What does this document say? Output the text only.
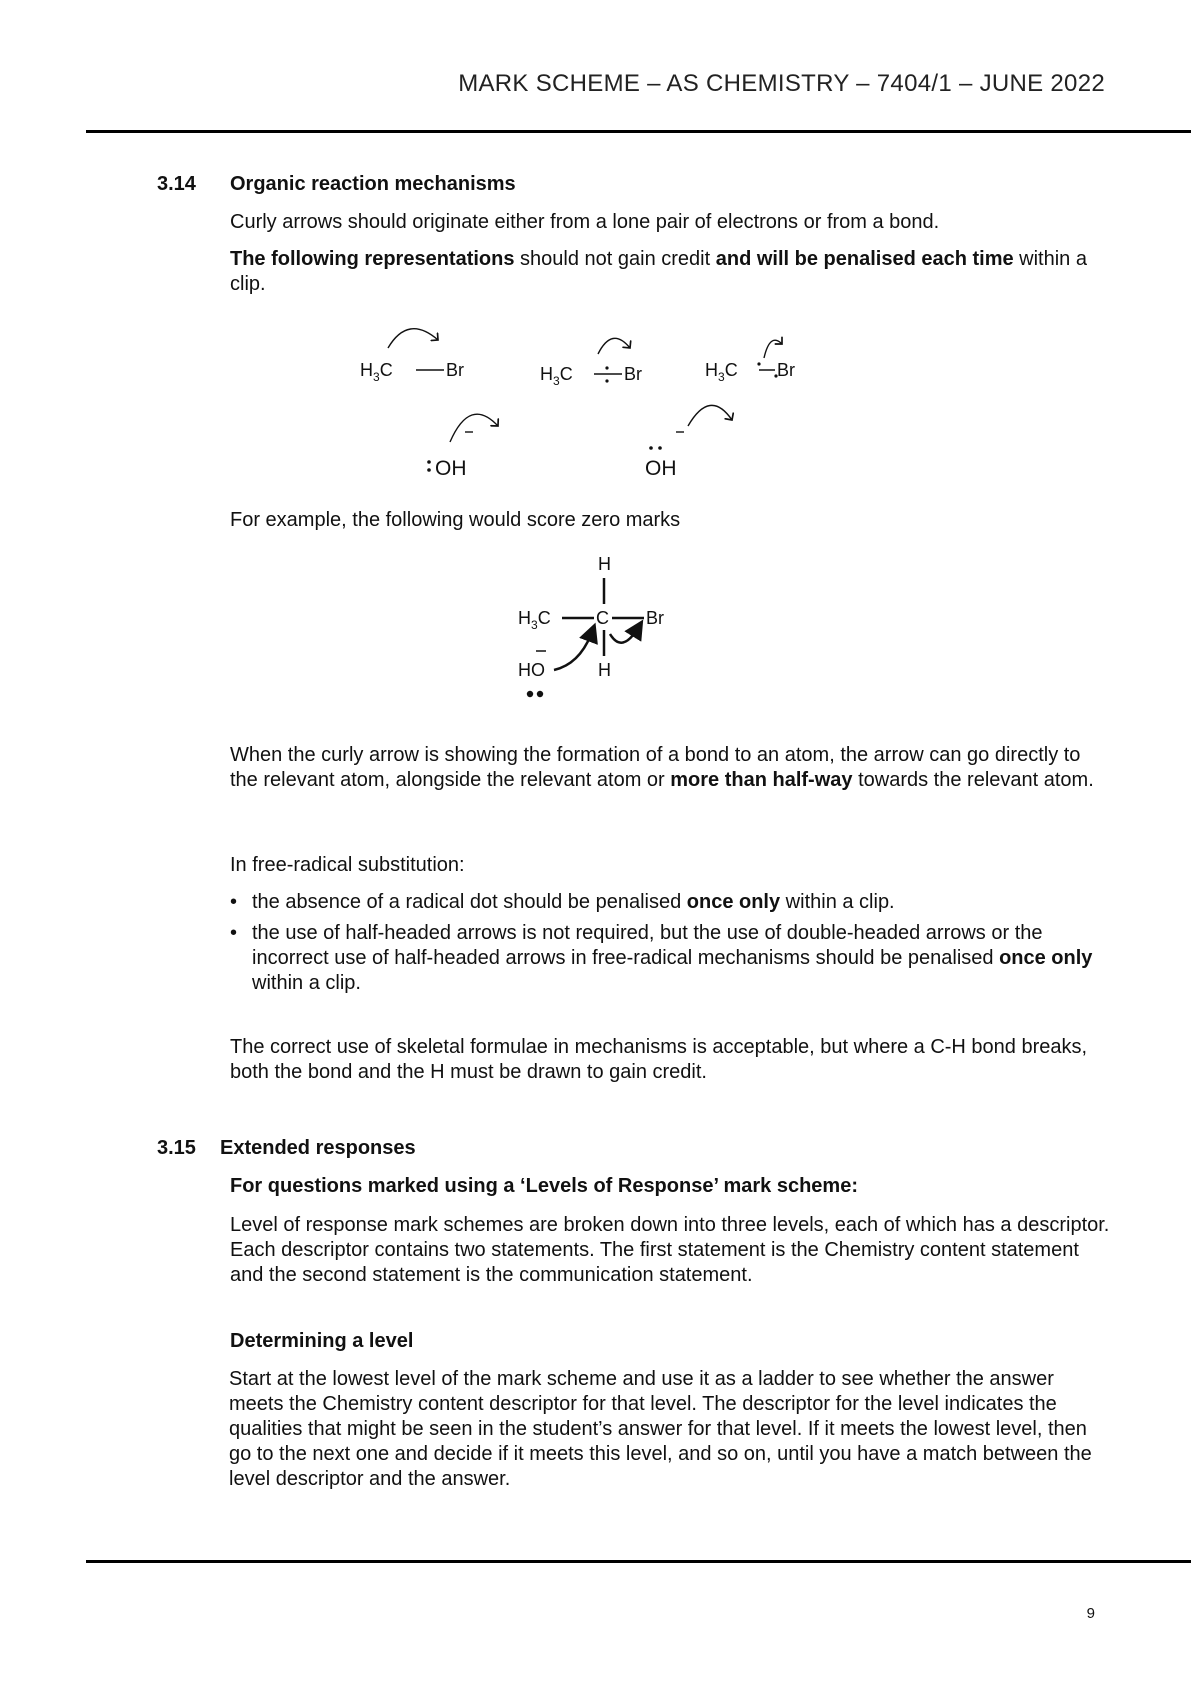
MARK SCHEME – AS CHEMISTRY – 7404/1 – JUNE 2022
3.14 Organic reaction mechanisms

Curly arrows should originate either from a lone pair of electrons or from a bond.

The following representations should not gain credit and will be penalised each time within a clip.

$H_3C$	Br	$H_3C$	Br	$H_3C$ Br
OH	OH

For example, the following would score zero marks

H
$H_3C$	C Br
H
HO

When the curly arrow is showing the formation of a bond to an atom, the arrow can go directly to the relevant atom, alongside the relevant atom or more than half-way towards the relevant atom.

In free-radical substitution:

• the absence of a radical dot should be penalised once only within a clip.
• the use of half-headed arrows is not required, but the use of double-headed arrows or the incorrect use of half-headed arrows in free-radical mechanisms should be penalised once only within a clip.

The correct use of skeletal formulae in mechanisms is acceptable, but where a C-H bond breaks, both the bond and the H must be drawn to gain credit.

3.15 Extended responses
For questions marked using a ‘Levels of Response’ mark scheme:

Level of response mark schemes are broken down into three levels, each of which has a descriptor. Each descriptor contains two statements. The first statement is the Chemistry content statement and the second statement is the communication statement.

Determining a level

Start at the lowest level of the mark scheme and use it as a ladder to see whether the answer meets the Chemistry content descriptor for that level. The descriptor for the level indicates the qualities that might be seen in the student’s answer for that level. If it meets the lowest level, then go to the next one and decide if it meets this level, and so on, until you have a match between the level descriptor and the answer.

9
